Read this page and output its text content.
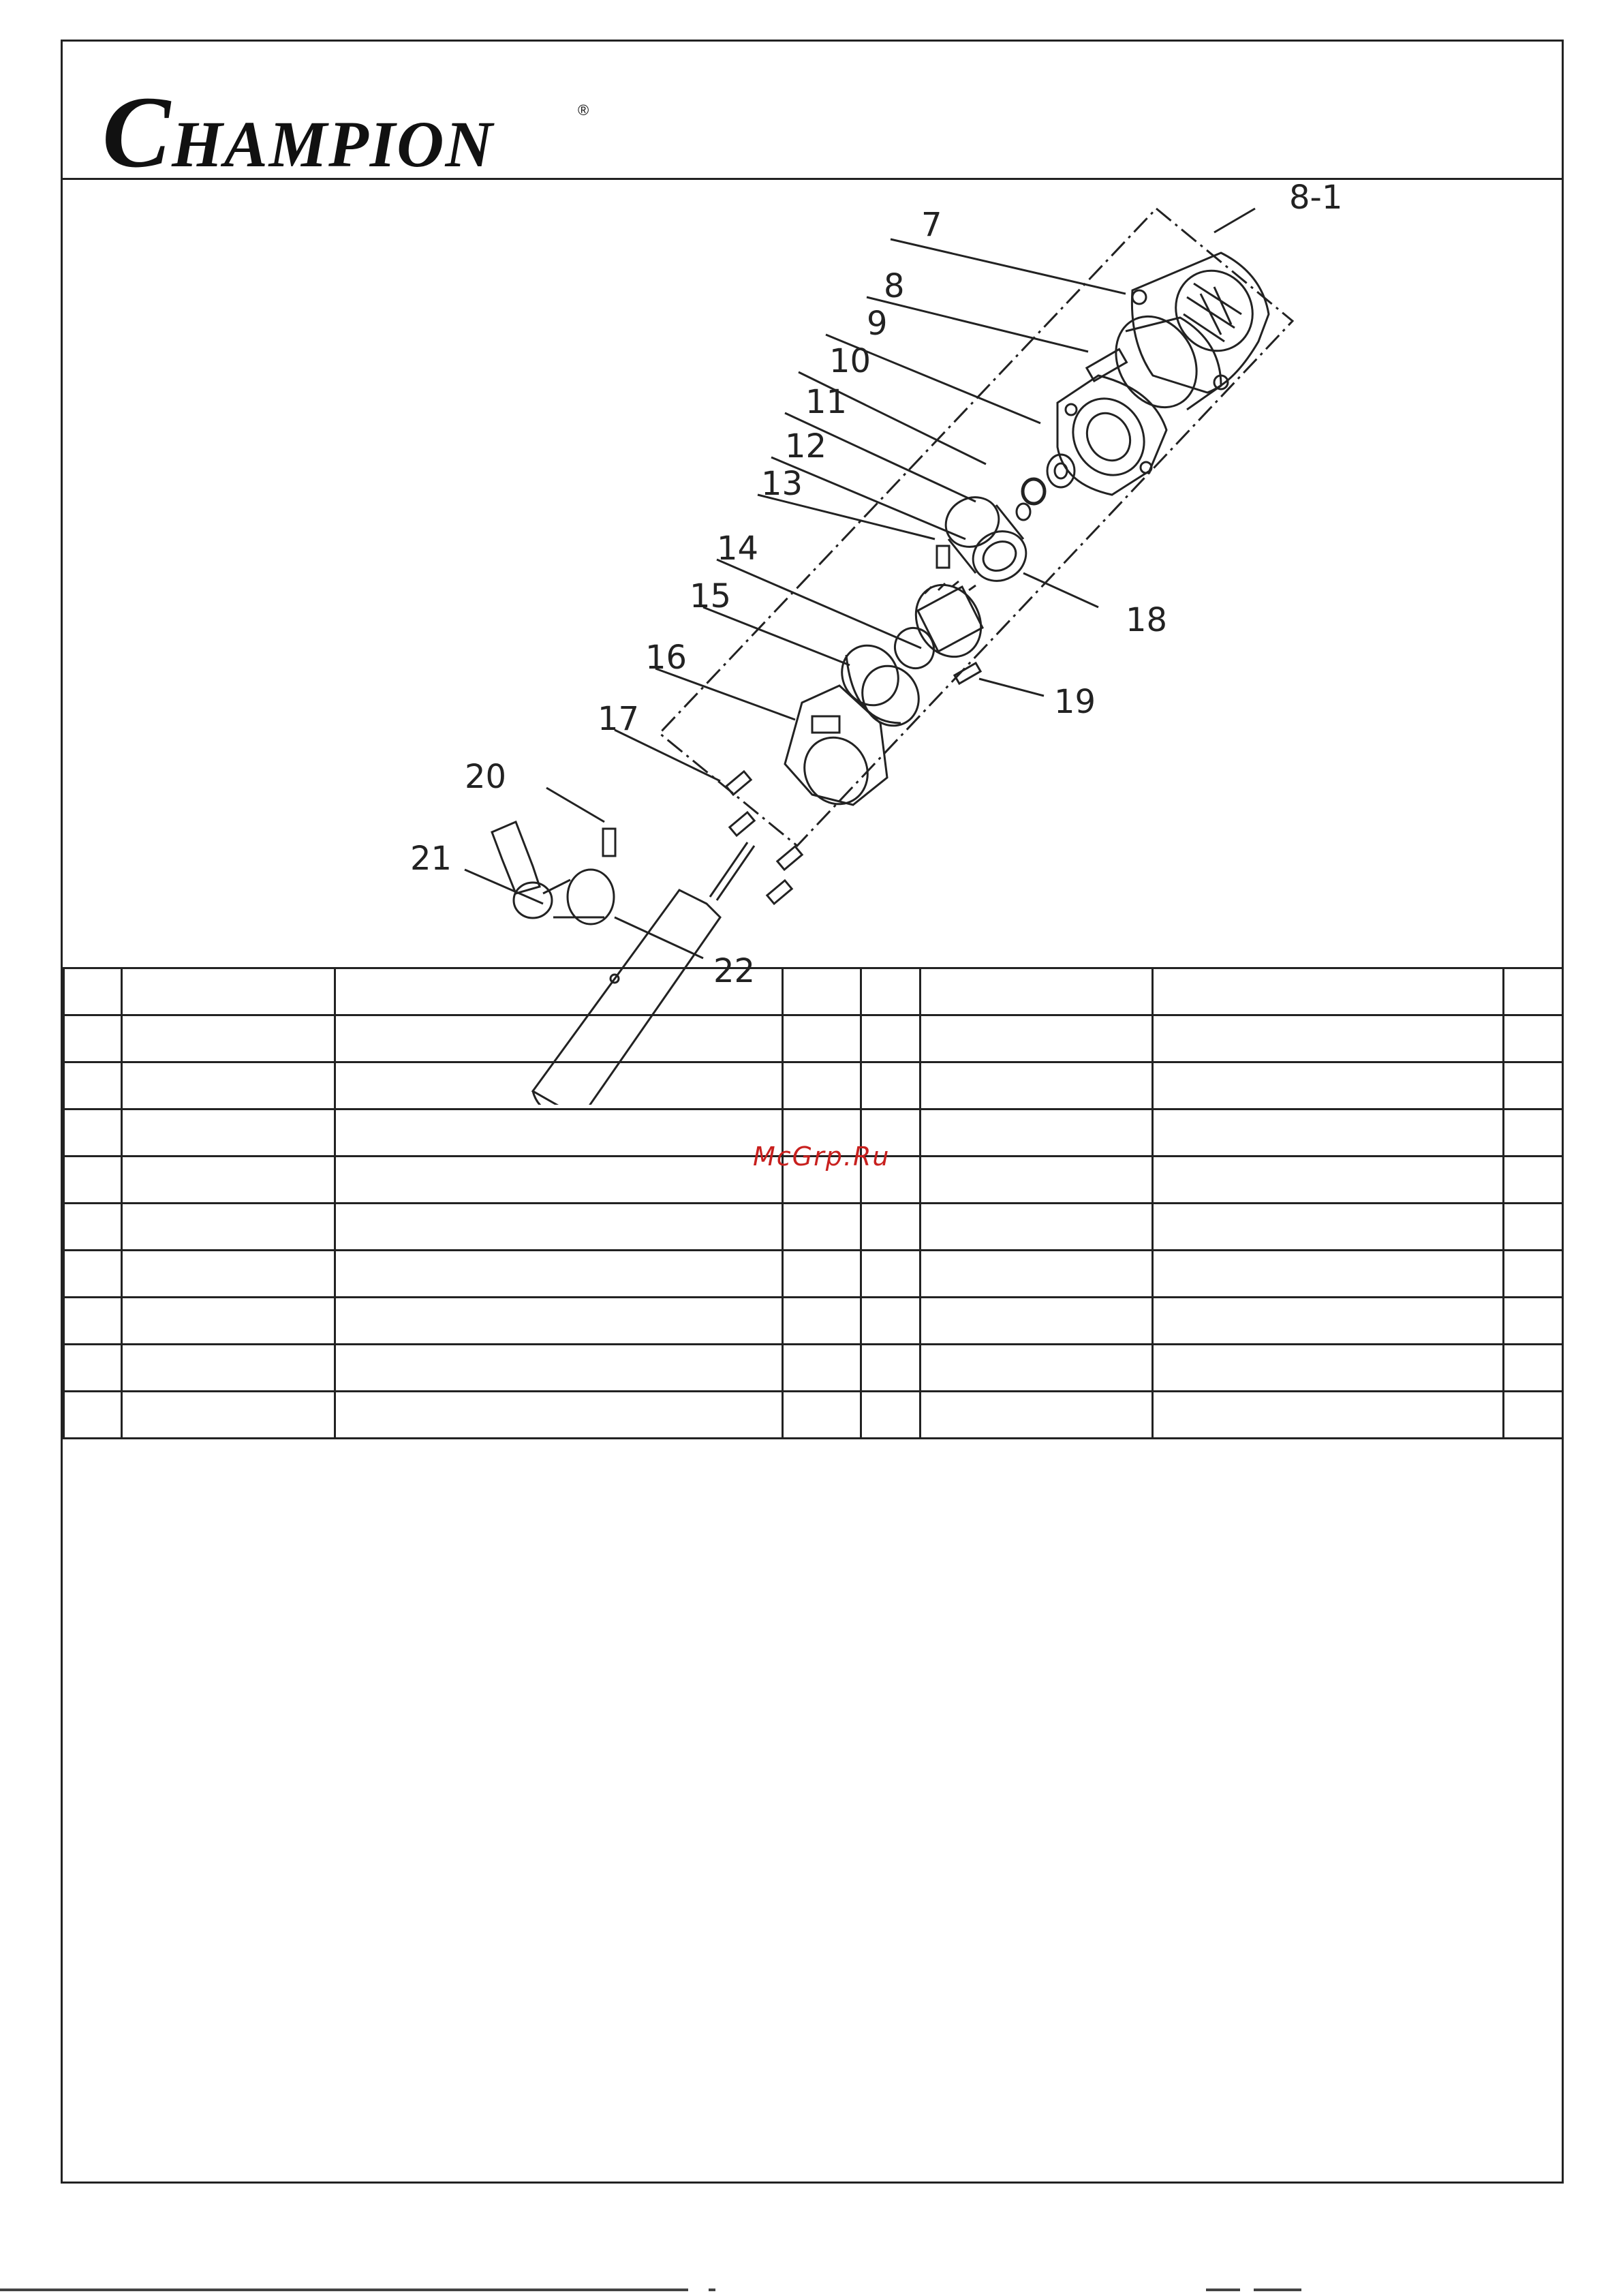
CHAMPION	®
7
8-1
8
9
10
11
12
13
14
15
16
17
18
19
20
21
22

McGrp.Ru
